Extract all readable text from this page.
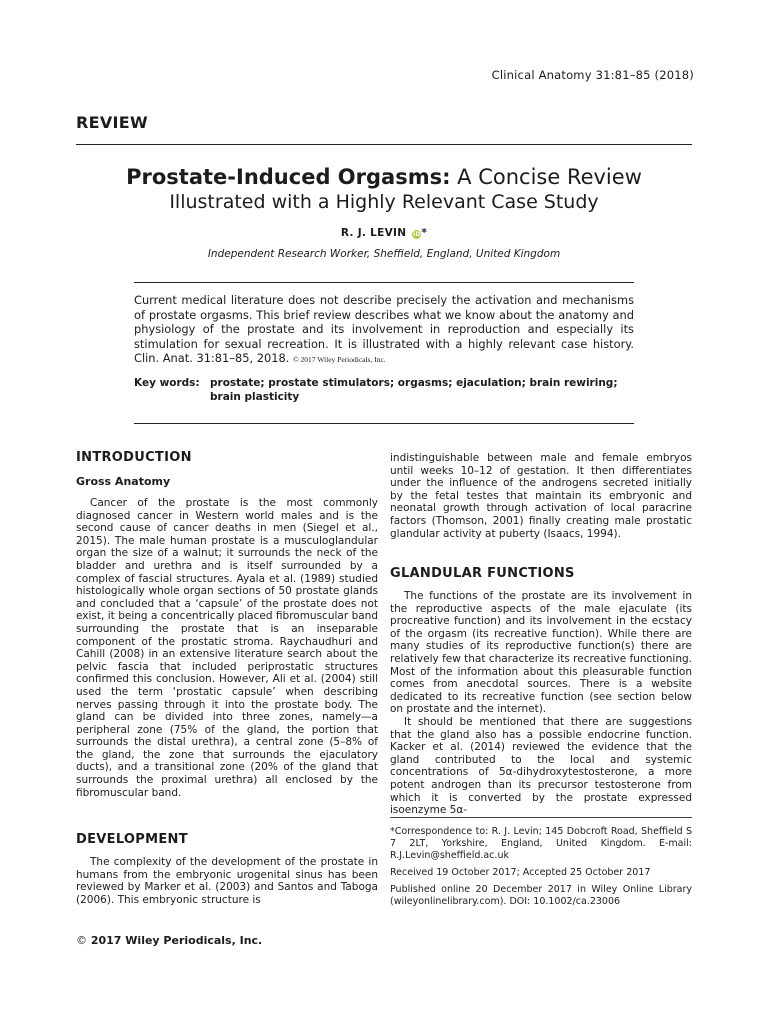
Clinical Anatomy 31:81–85 (2018)
REVIEW
Prostate-Induced Orgasms: A Concise Review
Illustrated with a Highly Relevant Case Study
R. J. LEVIN iD*
Independent Research Worker, Sheffield, England, United Kingdom
Current medical literature does not describe precisely the activation and mechanisms of prostate orgasms. This brief review describes what we know about the anatomy and physiology of the prostate and its involvement in reproduction and especially its stimulation for sexual recreation. It is illustrated with a highly relevant case history. Clin. Anat. 31:81–85, 2018. © 2017 Wiley Periodicals, Inc.
Key words: prostate; prostate stimulators; orgasms; ejaculation; brain rewiring; brain plasticity
INTRODUCTION
Gross Anatomy

Cancer of the prostate is the most commonly diagnosed cancer in Western world males and is the second cause of cancer deaths in men (Siegel et al., 2015). The male human prostate is a musculoglandular organ the size of a walnut; it surrounds the neck of the bladder and urethra and is itself surrounded by a complex of fascial structures. Ayala et al. (1989) studied histologically whole organ sections of 50 prostate glands and concluded that a ‘capsule’ of the prostate does not exist, it being a concentrically placed fibromuscular band surrounding the prostate that is an inseparable component of the prostatic stroma. Raychaudhuri and Cahill (2008) in an extensive literature search about the pelvic fascia that included periprostatic structures confirmed this conclusion. However, Ali et al. (2004) still used the term ‘prostatic capsule’ when describing nerves passing through it into the prostate body. The gland can be divided into three zones, namely—a peripheral zone (75% of the gland, the portion that surrounds the distal urethra), a central zone (5–8% of the gland, the zone that surrounds the ejaculatory ducts), and a transitional zone (20% of the gland that surrounds the proximal urethra) all enclosed by the fibromuscular band.

DEVELOPMENT

The complexity of the development of the prostate in humans from the embryonic urogenital sinus has been reviewed by Marker et al. (2003) and Santos and Taboga (2006). This embryonic structure is

indistinguishable between male and female embryos until weeks 10–12 of gestation. It then differentiates under the influence of the androgens secreted initially by the fetal testes that maintain its embryonic and neonatal growth through activation of local paracrine factors (Thomson, 2001) finally creating male prostatic glandular activity at puberty (Isaacs, 1994).

GLANDULAR FUNCTIONS

The functions of the prostate are its involvement in the reproductive aspects of the male ejaculate (its procreative function) and its involvement in the ecstacy of the orgasm (its recreative function). While there are many studies of its reproductive function(s) there are relatively few that characterize its recreative functioning. Most of the information about this pleasurable function comes from anecdotal sources. There is a website dedicated to its recreative function (see section below on prostate and the internet).

It should be mentioned that there are suggestions that the gland also has a possible endocrine function. Kacker et al. (2014) reviewed the evidence that the gland contributed to the local and systemic concentrations of 5α-dihydroxytestosterone, a more potent androgen than its precursor testosterone from which it is converted by the prostate expressed isoenzyme 5α-

*Correspondence to: R. J. Levin; 145 Dobcroft Road, Sheffield S 7 2LT, Yorkshire, England, United Kingdom. E-mail: R.J.Levin@sheffield.ac.uk

Received 19 October 2017; Accepted 25 October 2017

Published online 20 December 2017 in Wiley Online Library (wileyonlinelibrary.com). DOI: 10.1002/ca.23006

© 2017 Wiley Periodicals, Inc.
